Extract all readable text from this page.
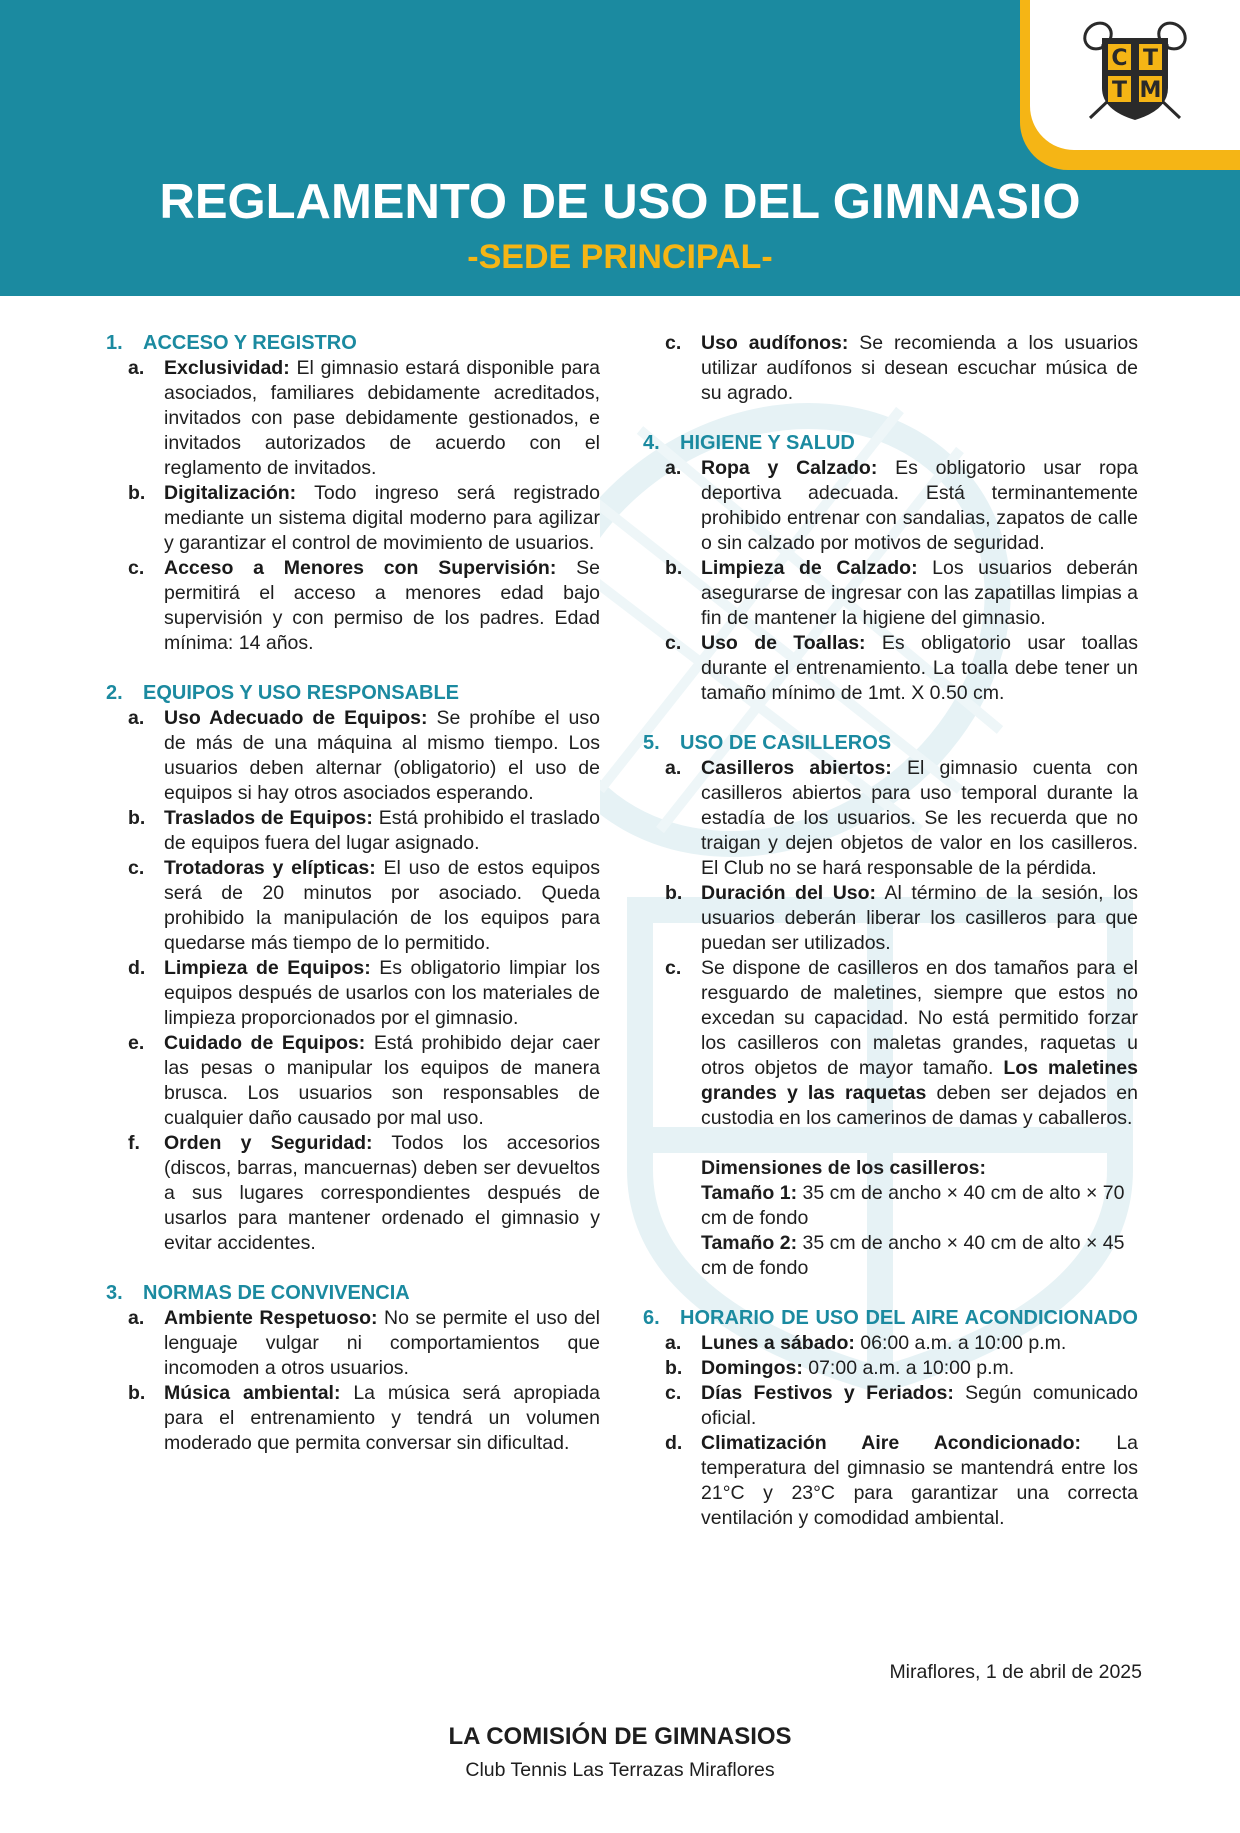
C T
T M
REGLAMENTO DE USO DEL GIMNASIO
-SEDE PRINCIPAL-
1.	ACCESO Y REGISTRO
a.	Exclusividad: El gimnasio estará disponible para asociados, familiares debidamente acreditados, invitados con pase debidamente gestionados, e invitados autorizados de acuerdo con el reglamento de invitados.
b. Digitalización: Todo ingreso será registrado mediante un sistema digital moderno para agilizar y garantizar el control de movimiento de usuarios.
c.	Acceso a Menores con Supervisión: Se permitirá el acceso a menores edad bajo supervisión y con permiso de los padres. Edad mínima: 14 años.
2.	EQUIPOS Y USO RESPONSABLE
a.	Uso Adecuado de Equipos: Se prohíbe el uso de más de una máquina al mismo tiempo. Los usuarios deben alternar (obligatorio) el uso de equipos si hay otros asociados esperando.
b. Traslados de Equipos: Está prohibido el traslado de equipos fuera del lugar asignado.
c.	Trotadoras y elípticas: El uso de estos equipos será de 20 minutos por asociado. Queda prohibido la manipulación de los equipos para quedarse más tiempo de lo permitido.
d. Limpieza de Equipos: Es obligatorio limpiar los equipos después de usarlos con los materiales de limpieza proporcionados por el gimnasio.
e.	Cuidado de Equipos: Está prohibido dejar caer las pesas o manipular los equipos de manera brusca. Los usuarios son responsables de cualquier daño causado por mal uso.
f.	Orden y Seguridad: Todos los accesorios (discos, barras, mancuernas) deben ser devueltos a sus lugares correspondientes después de usarlos para mantener ordenado el gimnasio y evitar accidentes.
3.	NORMAS DE CONVIVENCIA
a.	Ambiente Respetuoso: No se permite el uso del lenguaje vulgar ni comportamientos que incomoden a otros usuarios.
b. Música ambiental: La música será apropiada para el entrenamiento y tendrá un volumen moderado que permita conversar sin dificultad.
c.	Uso audífonos: Se recomienda a los usuarios utilizar audífonos si desean escuchar música de su agrado.
4.	HIGIENE Y SALUD
a.	Ropa y Calzado: Es obligatorio usar ropa deportiva adecuada. Está terminantemente prohibido entrenar con sandalias, zapatos de calle o sin calzado por motivos de seguridad.
b. Limpieza de Calzado: Los usuarios deberán asegurarse de ingresar con las zapatillas limpias a fin de mantener la higiene del gimnasio.
c.	Uso de Toallas: Es obligatorio usar toallas durante el entrenamiento. La toalla debe tener un tamaño mínimo de 1mt. X 0.50 cm.
5.	USO DE CASILLEROS
a.	Casilleros abiertos: El gimnasio cuenta con casilleros abiertos para uso temporal durante la estadía de los usuarios. Se les recuerda que no traigan y dejen objetos de valor en los casilleros. El Club no se hará responsable de la pérdida.
b. Duración del Uso: Al término de la sesión, los usuarios deberán liberar los casilleros para que puedan ser utilizados.
c.	Se dispone de casilleros en dos tamaños para el resguardo de maletines, siempre que estos no excedan su capacidad. No está permitido forzar los casilleros con maletas grandes, raquetas u otros objetos de mayor tamaño. Los maletines grandes y las raquetas deben ser dejados en custodia en los camerinos de damas y caballeros.
Dimensiones de los casilleros:
Tamaño 1: 35 cm de ancho × 40 cm de alto × 70 cm de fondo
Tamaño 2: 35 cm de ancho × 40 cm de alto × 45 cm de fondo
6.	HORARIO DE USO DEL AIRE ACONDICIONADO
a.	Lunes a sábado: 06:00 a.m. a 10:00 p.m.
b. Domingos: 07:00 a.m. a 10:00 p.m.
c.	Días Festivos y Feriados: Según comunicado oficial.
d. Climatización Aire Acondicionado: La temperatura del gimnasio se mantendrá entre los 21°C y 23°C para garantizar una correcta ventilación y comodidad ambiental.
Miraflores, 1 de abril de 2025
LA COMISIÓN DE GIMNASIOS
Club Tennis Las Terrazas Miraflores
